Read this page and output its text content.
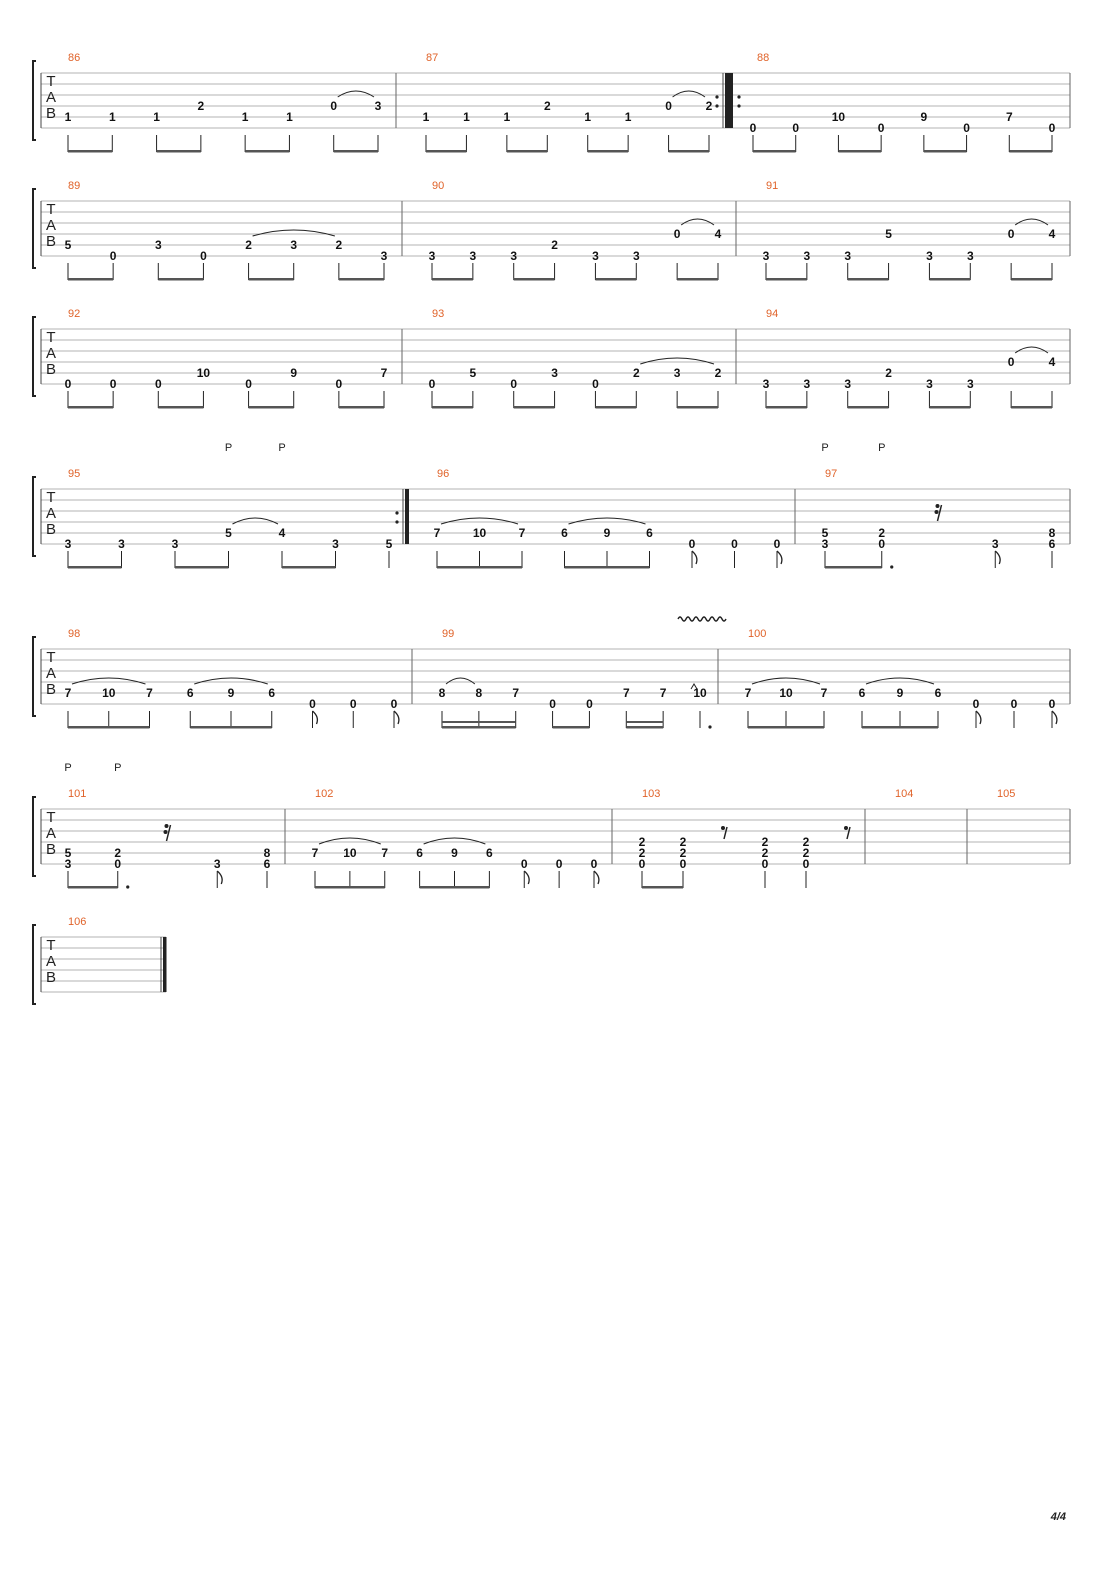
T
A
B
86
1	1	1
2
1	1
0	3
87
1	1	1
2
1	1
0	2
88
0	0
10
0
9
0
7
0
T
A
B
89
5
0
3
0
2	3	2
3
90
3	3	3
2
3	3
0	4
91
3	3	3
5
3	3
0	4
T
A
B
92
0	0	0
10
0
9
0
7
93
0
5
0
3
0
2	3	2
94
3	3	3
2
3	3
0	4
T
A
B
95
3	3	3
5
P
4
P
3	5
96
7	10	7	6	9	6
0	0	0
97
5
3
P
2
0
P
3
8
6
T
A
B
98
7	10	7	6	9	6
0	0	0
99
8	8	7
0	0
7	7 10
100
7 10 7	6	9	6
0	0	0
T
A
B
101
5
3
P
2
0
P
3
8
6
102
7 10 7 6 9 6
0 0 0
103
2
2
0
2
2
0
2
2
0
2
2
0
104	105
T
A
B
106
4/4
